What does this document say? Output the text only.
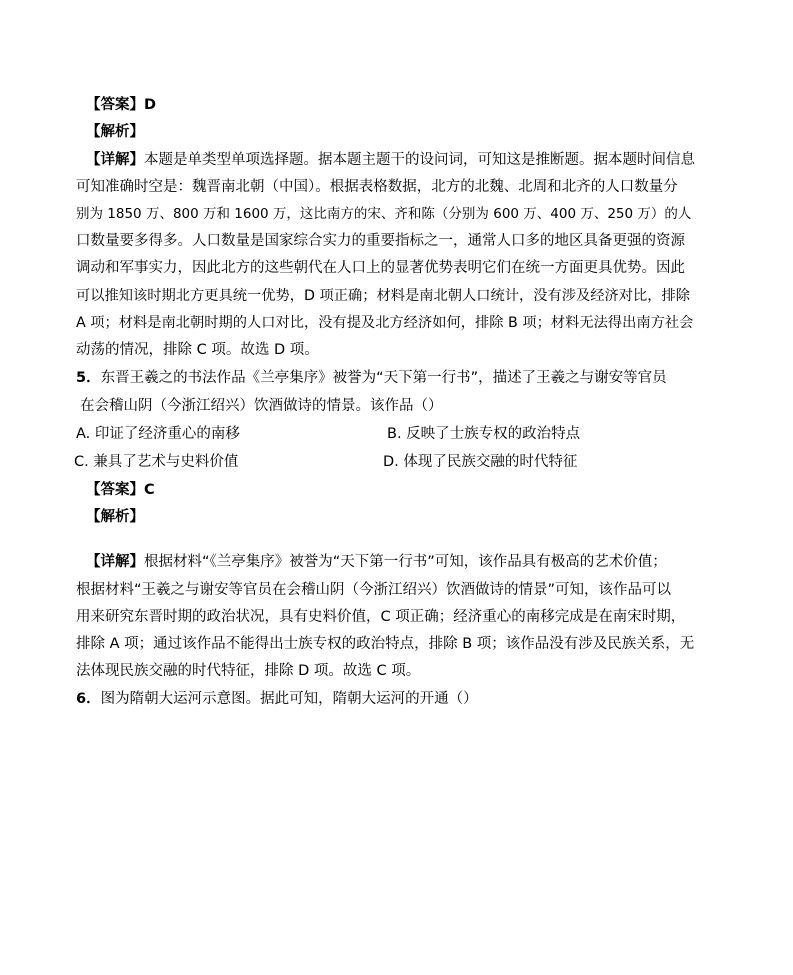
【答案】D
【解析】
【详解】本题是单类型单项选择题。据本题主题干的设问词，可知这是推断题。据本题时间信息
可知准确时空是：魏晋南北朝（中国）。根据表格数据，北方的北魏、北周和北齐的人口数量分
别为 1850 万、800 万和 1600 万，这比南方的宋、齐和陈（分别为 600 万、400 万、250 万）的人
口数量要多得多。人口数量是国家综合实力的重要指标之一，通常人口多的地区具备更强的资源
调动和军事实力，因此北方的这些朝代在人口上的显著优势表明它们在统一方面更具优势。因此
可以推知该时期北方更具统一优势，D 项正确；材料是南北朝人口统计，没有涉及经济对比，排除
A 项；材料是南北朝时期的人口对比，没有提及北方经济如何，排除 B 项；材料无法得出南方社会
动荡的情况，排除 C 项。故选 D 项。
5．东晋王羲之的书法作品《兰亭集序》被誉为“天下第一行书”，描述了王羲之与谢安等官员
在会稽山阴（今浙江绍兴）饮酒做诗的情景。该作品（）
A. 印证了经济重心的南移	B. 反映了士族专权的政治特点
C. 兼具了艺术与史料价值	D. 体现了民族交融的时代特征
【答案】C
【解析】
【详解】根据材料“《兰亭集序》被誉为“天下第一行书”可知，该作品具有极高的艺术价值；
根据材料“王羲之与谢安等官员在会稽山阴（今浙江绍兴）饮酒做诗的情景”可知，该作品可以
用来研究东晋时期的政治状况，具有史料价值，C 项正确；经济重心的南移完成是在南宋时期，
排除 A 项；通过该作品不能得出士族专权的政治特点，排除 B 项；该作品没有涉及民族关系，无
法体现民族交融的时代特征，排除 D 项。故选 C 项。
6．图为隋朝大运河示意图。据此可知，隋朝大运河的开通（）
